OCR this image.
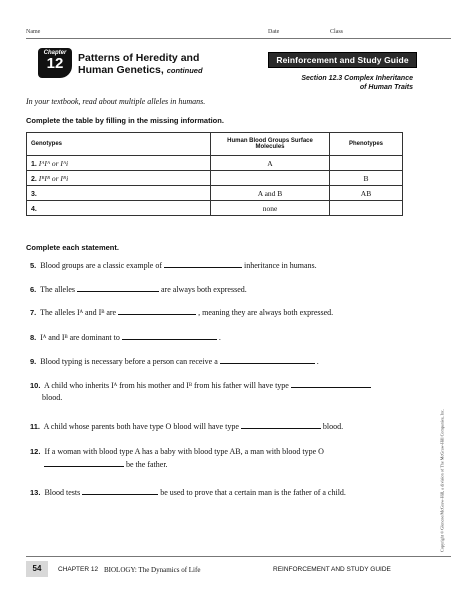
Name	Date	Class
Chapter
12	Patterns of Heredity and
Human Genetics, continued
Reinforcement and Study Guide
Section 12.3 Complex Inheritance
of Human Traits
In your textbook, read about multiple alleles in humans.
Complete the table by filling in the missing information.
Genotypes	Human Blood Groups Surface Molecules	Phenotypes
1. IᴬIᴬ or Iᴬi	A	
2. IᴮIᴮ or Iᴮi		B
3.	A and B	AB
4.	none	
Complete each statement.
5. Blood groups are a classic example of	inheritance in humans.
6. The alleles	are always both expressed.
7. The alleles Iᴬ and Iᴮ are	, meaning they are always both expressed.
8. Iᴬ and Iᴮ are dominant to	.
9. Blood typing is necessary before a person can receive a	.
10. A child who inherits Iᴬ from his mother and Iᴮ from his father will have type
blood.
11. A child whose parents both have type O blood will have type	blood.
12. If a woman with blood type A has a baby with blood type AB, a man with blood type O
be the father.
13. Blood tests	be used to prove that a certain man is the father of a child.	Copyright © Glencoe/McGraw-Hill, a division of The McGraw-Hill Companies, Inc.
54	CHAPTER 12 BIOLOGY: The Dynamics of Life	REINFORCEMENT AND STUDY GUIDE
